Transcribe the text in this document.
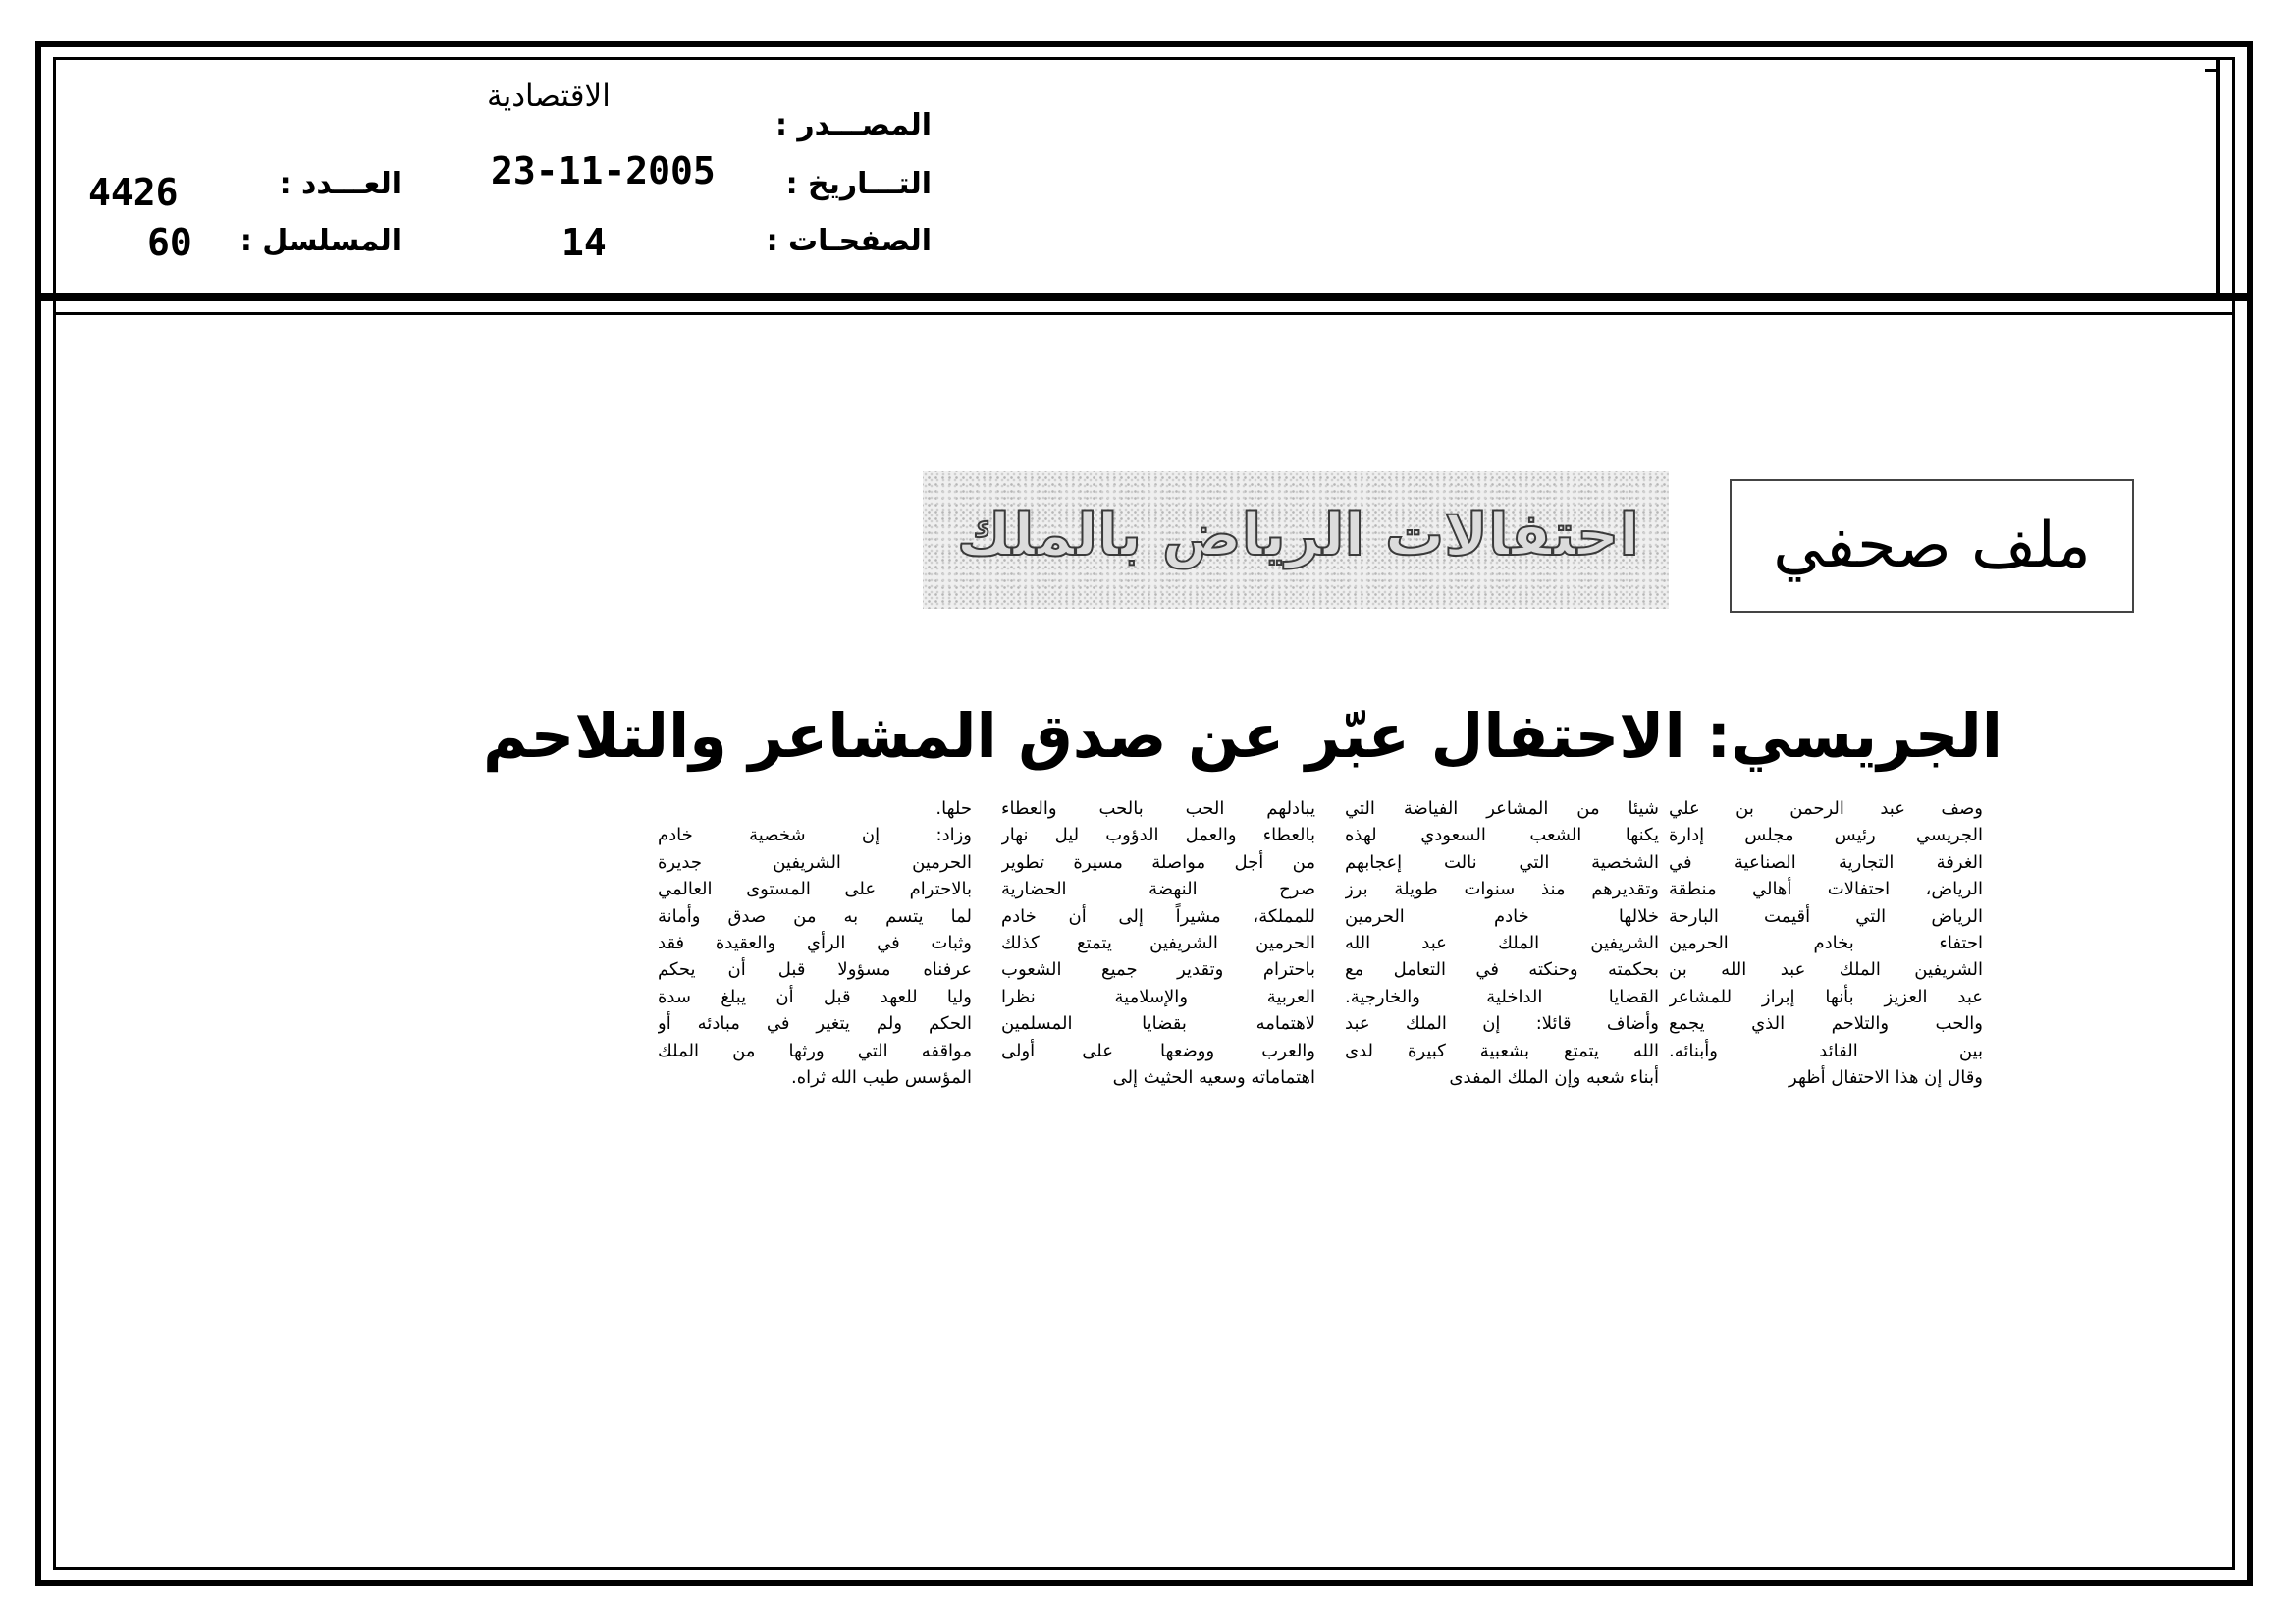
المصـــدر :
الاقتصادية
التـــاريخ :
23-11-2005
الصفحـات :
14
العـــدد :
4426
المسلسل :
60
احتفالات الرياض بالملك	ملف صحفي
الجريسي: الاحتفال عبّر عن صدق المشاعر والتلاحم
وصف عبد الرحمن بن علي
الجريسي رئيس مجلس إدارة
الغرفة التجارية الصناعية في
الرياض، احتفالات أهالي منطقة
الرياض التي أقيمت البارحة
احتفاء بخادم الحرمين
الشريفين الملك عبد الله بن
عبد العزيز بأنها إبراز للمشاعر
والحب والتلاحم الذي يجمع
بين القائد وأبنائه.
وقال إن هذا الاحتفال أظهر
شيئا من المشاعر الفياضة التي
يكنها الشعب السعودي لهذه
الشخصية التي نالت إعجابهم
وتقديرهم منذ سنوات طويلة برز
خلالها خادم الحرمين
الشريفين الملك عبد الله
بحكمته وحنكته في التعامل مع
القضايا الداخلية والخارجية.
وأضاف قائلا: إن الملك عبد
الله يتمتع بشعبية كبيرة لدى
أبناء شعبه وإن الملك المفدى
يبادلهم الحب بالحب والعطاء
بالعطاء والعمل الدؤوب ليل نهار
من أجل مواصلة مسيرة تطوير
صرح النهضة الحضارية
للمملكة، مشيراً إلى أن خادم
الحرمين الشريفين يتمتع كذلك
باحترام وتقدير جميع الشعوب
العربية والإسلامية نظرا
لاهتمامه بقضايا المسلمين
والعرب ووضعها على أولى
اهتماماته وسعيه الحثيث إلى
حلها.
وزاد: إن شخصية خادم
الحرمين الشريفين جديرة
بالاحترام على المستوى العالمي
لما يتسم به من صدق وأمانة
وثبات في الرأي والعقيدة فقد
عرفناه مسؤولا قبل أن يحكم
وليا للعهد قبل أن يبلغ سدة
الحكم ولم يتغير في مبادئه أو
مواقفه التي ورثها من الملك
المؤسس طيب الله ثراه.
